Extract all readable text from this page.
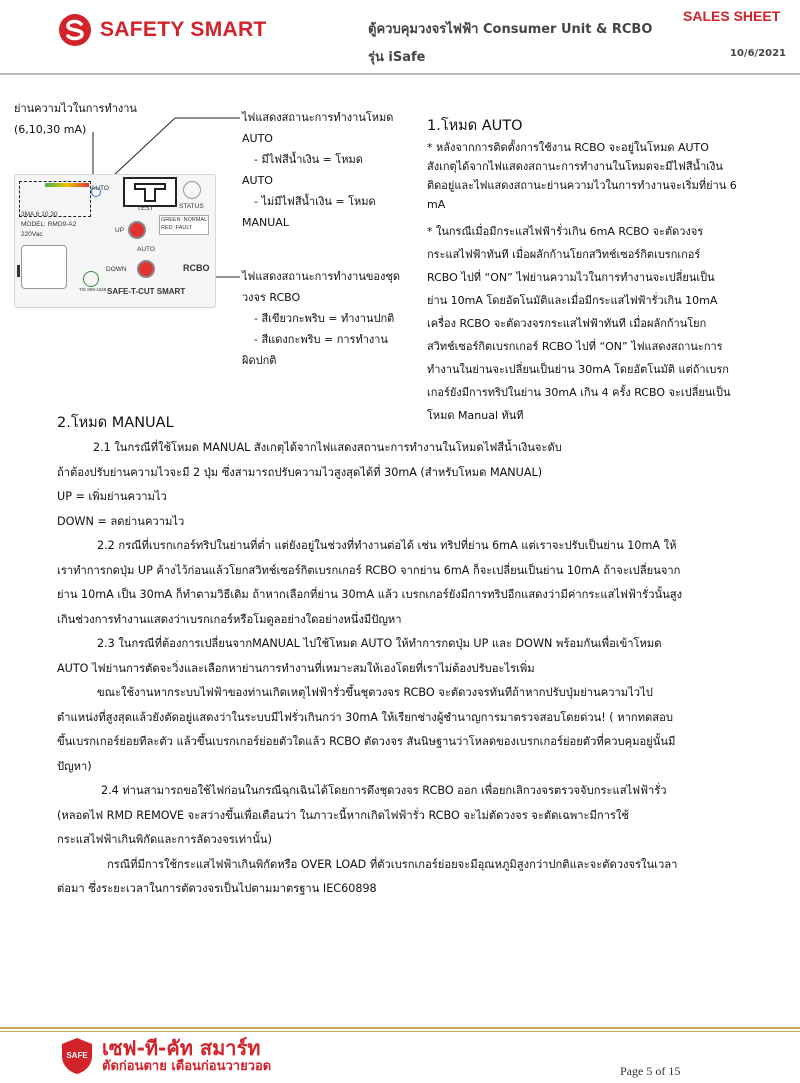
SAFETY SMART	ตู้ควบคุมวงจรไฟฟ้า Consumer Unit & RCBO
รุ่น iSafe
SALES SHEET
10/6/2021
ย่านความไวในการทำงาน
(6,10,30 mA)
ไฟแสดงสถานะการทำงานโหมด
AUTO
- มีไฟสีน้ำเงิน = โหมด
AUTO
- ไม่มีไฟสีน้ำเงิน = โหมด
MANUAL
ไฟแสดงสถานะการทำงานของชุด
วงจร RCBO
- สีเขียวกะพริบ = ทำงานปกติ
- สีแดงกะพริบ = การทำงาน
ผิดปกติ
AUTO
TEST	STATUS
3MA 6 10 30
MODEL: RMD9-A2
220Vac
UP
AUTO
DOWN
GREEN :NORMAL
RED :FAULT
RCBO
TIS 909-1548 SAFE-T-CUT SMART
1.โหมด AUTO
* หลังจากการติดตั้งการใช้งาน RCBO จะอยู่ในโหมด AUTO
สังเกตุได้จากไฟแสดงสถานะการทำงานในโหมดจะมีไฟสีน้ำเงิน
ติดอยู่และไฟแสดงสถานะย่านความไวในการทำงานจะเริ่มที่ย่าน 6
mA
* ในกรณีเมื่อมีกระแสไฟฟ้ารั่วเกิน 6mA RCBO จะตัดวงจร
กระแสไฟฟ้าทันที เมื่อผลักก้านโยกสวิทช์เซอร์กิตเบรกเกอร์
RCBO ไปที่ “ON” ไฟย่านความไวในการทำงานจะเปลี่ยนเป็น
ย่าน 10mA โดยอัตโนมัติและเมื่อมีกระแสไฟฟ้ารั่วเกิน 10mA
เครื่อง RCBO จะตัดวงจรกระแสไฟฟ้าทันที เมื่อผลักก้านโยก
สวิทช์เซอร์กิตเบรกเกอร์ RCBO ไปที่ “ON” ไฟแสดงสถานะการ
ทำงานในย่านจะเปลี่ยนเป็นย่าน 30mA โดยอัตโนมัติ แต่ถ้าเบรก
เกอร์ยังมีการทริปในย่าน 30mA เกิน 4 ครั้ง RCBO จะเปลี่ยนเป็น
โหมด Manual ทันที
2.โหมด MANUAL
2.1 ในกรณีที่ใช้โหมด MANUAL สังเกตุได้จากไฟแสดงสถานะการทำงานในโหมดไฟสีน้ำเงินจะดับ
ถ้าต้องปรับย่านความไวจะมี 2 ปุ่ม ซึ่งสามารถปรับความไวสูงสุดได้ที่ 30mA (สำหรับโหมด MANUAL)
UP = เพิ่มย่านความไว
DOWN = ลดย่านความไว
2.2 กรณีที่เบรกเกอร์ทริปในย่านที่ต่ำ แต่ยังอยู่ในช่วงที่ทำงานต่อได้ เช่น ทริปที่ย่าน 6mA แต่เราจะปรับเป็นย่าน 10mA ให้
เราทำการกดปุ่ม UP ค้างไว้ก่อนแล้วโยกสวิทช์เซอร์กิตเบรกเกอร์ RCBO จากย่าน 6mA ก็จะเปลี่ยนเป็นย่าน 10mA ถ้าจะเปลี่ยนจาก
ย่าน 10mA เป็น 30mA ก็ทำตามวิธีเดิม ถ้าหากเลือกที่ย่าน 30mA แล้ว เบรกเกอร์ยังมีการทริปอีกแสดงว่ามีค่ากระแสไฟฟ้ารั่วนั้นสูง
เกินช่วงการทำงานแสดงว่าเบรกเกอร์หรือโมดูลอย่างใดอย่างหนึ่งมีปัญหา
2.3 ในกรณีที่ต้องการเปลี่ยนจากMANUAL ไปใช้โหมด AUTO ให้ทำการกดปุ่ม UP และ DOWN พร้อมกันเพื่อเข้าโหมด
AUTO ไฟย่านการตัดจะวิ่งและเลือกหาย่านการทำงานที่เหมาะสมให้เองโดยที่เราไม่ต้องปรับอะไรเพิ่ม
ขณะใช้งานหากระบบไฟฟ้าของท่านเกิดเหตุไฟฟ้ารั่วขึ้นชุดวงจร RCBO จะตัดวงจรทันทีถ้าหากปรับปุ่มย่านความไวไป
ตำแหน่งที่สูงสุดแล้วยังตัดอยู่แสดงว่าในระบบมีไฟรั่วเกินกว่า 30mA ให้เรียกช่างผู้ชำนาญการมาตรวจสอบโดยด่วน! ( หากทดสอบ
ขึ้นเบรกเกอร์ย่อยทีละตัว แล้วขึ้นเบรกเกอร์ย่อยตัวใดแล้ว RCBO ตัดวงจร สันนิษฐานว่าโหลดของเบรกเกอร์ย่อยตัวที่ควบคุมอยู่นั้นมี
ปัญหา)
2.4 ท่านสามารถขอใช้ไฟก่อนในกรณีฉุกเฉินได้โดยการดึงชุดวงจร RCBO ออก เพื่อยกเลิกวงจรตรวจจับกระแสไฟฟ้ารั่ว
(หลอดไฟ RMD REMOVE จะสว่างขึ้นเพื่อเตือนว่า ในภาวะนี้หากเกิดไฟฟ้ารั่ว RCBO จะไม่ตัดวงจร จะตัดเฉพาะมีการใช้
กระแสไฟฟ้าเกินพิกัดและการลัดวงจรเท่านั้น)
กรณีที่มีการใช้กระแสไฟฟ้าเกินพิกัดหรือ OVER LOAD ที่ตัวเบรกเกอร์ย่อยจะมีอุณหภูมิสูงกว่าปกติและจะตัดวงจรในเวลา
ต่อมา ซึ่งระยะเวลาในการตัดวงจรเป็นไปตามมาตรฐาน IEC60898
SAFE เซฟ-ที-คัท สมาร์ท
ตัดก่อนตาย เตือนก่อนวายวอด	Page 5 of 15
